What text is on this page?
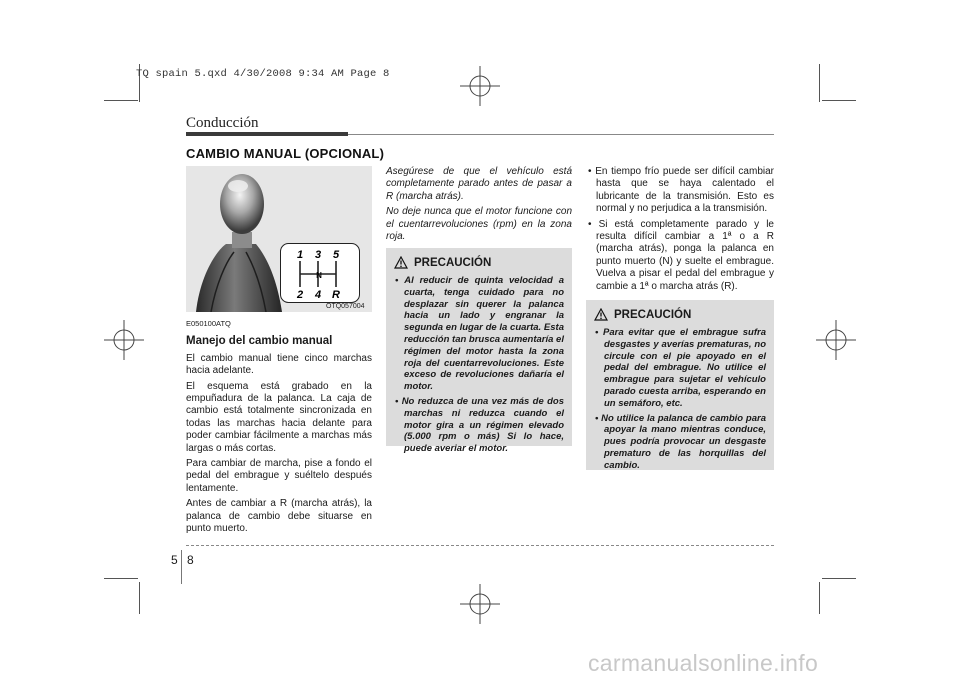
TQ spain 5.qxd 4/30/2008 9:34 AM Page 8
Conducción
CAMBIO MANUAL (OPCIONAL)
1 3 5
2 4 R
N
OTQ057004

E050100ATQ

Manejo del cambio manual

El cambio manual tiene cinco marchas hacia adelante.

El esquema está grabado en la empuñadura de la palanca. La caja de cambio está totalmente sincronizada en todas las marchas hacia delante para poder cambiar fácilmente a marchas más largas o más cortas.

Para cambiar de marcha, pise a fondo el pedal del embrague y suéltelo después lentamente.

Antes de cambiar a R (marcha atrás), la palanca de cambio debe situarse en punto muerto.

Asegúrese de que el vehículo está completamente parado antes de pasar a R (marcha atrás).

No deje nunca que el motor funcione con el cuentarrevoluciones (rpm) en la zona roja.

PRECAUCIÓN
• Al reducir de quinta velocidad a cuarta, tenga cuidado para no desplazar sin querer la palanca hacia un lado y engranar la segunda en lugar de la cuarta. Esta reducción tan brusca aumentaría el régimen del motor hasta la zona roja del cuentarrevoluciones. Este exceso de revoluciones dañaría el motor.
• No reduzca de una vez más de dos marchas ni reduzca cuando el motor gira a un régimen elevado (5.000 rpm o más) Si lo hace, puede averiar el motor.
• En tiempo frío puede ser difícil cambiar hasta que se haya calentado el lubricante de la transmisión. Esto es normal y no perjudica a la transmisión.
• Si está completamente parado y le resulta difícil cambiar a 1ª o a R (marcha atrás), ponga la palanca en punto muerto (N) y suelte el embrague. Vuelva a pisar el pedal del embrague y cambie a 1ª o marcha atrás (R).
PRECAUCIÓN
• Para evitar que el embrague sufra desgastes y averías prematuras, no circule con el pie apoyado en el pedal del embrague. No utilice el embrague para sujetar el vehículo parado cuesta arriba, esperando en un semáforo, etc.
• No utilice la palanca de cambio para apoyar la mano mientras conduce, pues podría provocar un desgaste prematuro de las horquillas del cambio.
5 8
carmanualsonline.info
